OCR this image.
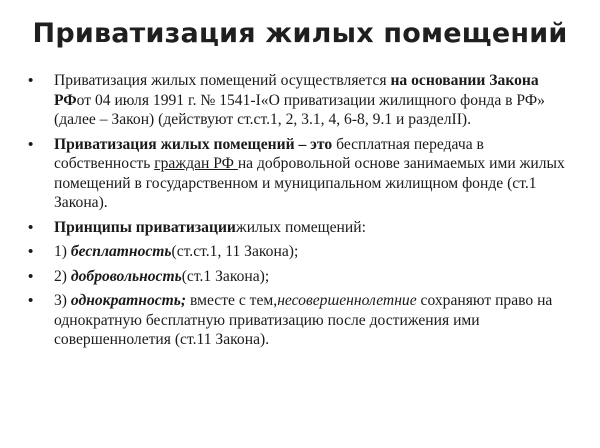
Приватизация жилых помещений
• Приватизация жилых помещений осуществляется на основании Закона РФот 04 июля 1991 г. № 1541-I«О приватизации жилищного фонда в РФ» (далее – Закон) (действуют ст.ст.1, 2, 3.1, 4, 6-8, 9.1 и разделII).
• Приватизация жилых помещений – это бесплатная передача в собственность граждан РФ на добровольной основе занимаемых ими жилых помещений в государственном и муниципальном жилищном фонде (ст.1 Закона).
• Принципы приватизациижилых помещений:
• 1) бесплатность(ст.ст.1, 11 Закона);
• 2) добровольность(ст.1 Закона);
• 3) однократность; вместе с тем,несовершеннолетние сохраняют право на однократную бесплатную приватизацию после достижения ими совершеннолетия (ст.11 Закона).
